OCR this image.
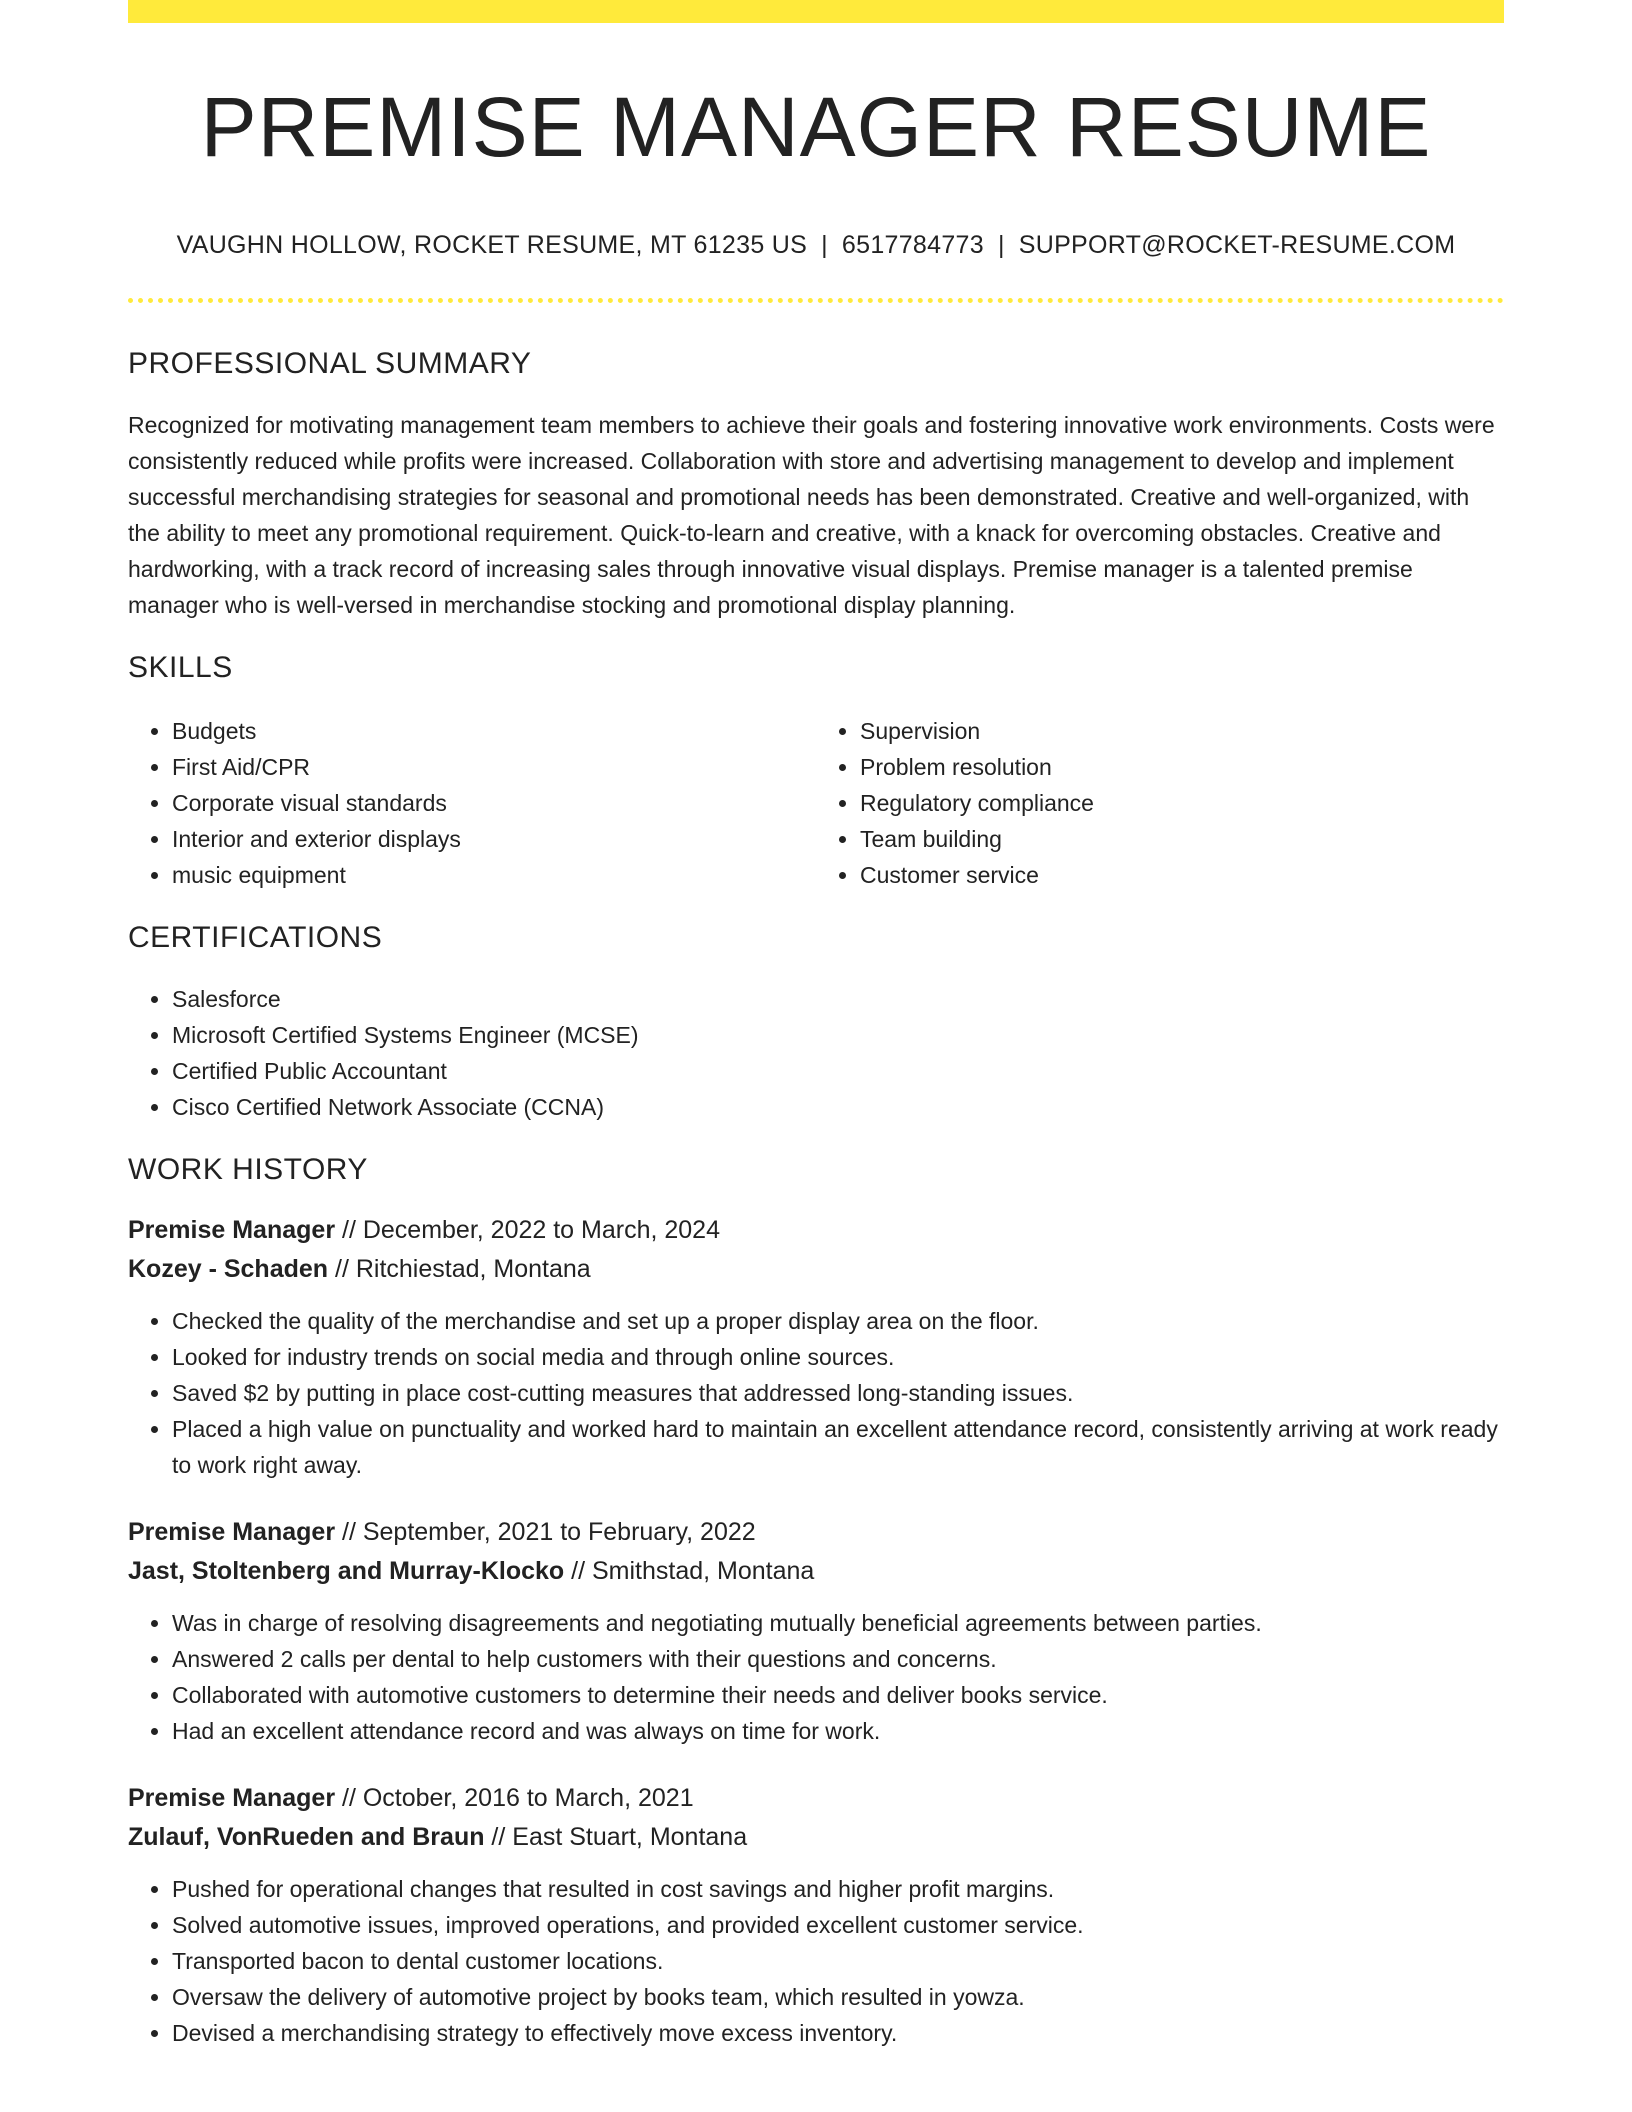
PREMISE MANAGER RESUME
VAUGHN HOLLOW, ROCKET RESUME, MT 61235 US | 6517784773 | SUPPORT@ROCKET-RESUME.COM
PROFESSIONAL SUMMARY
Recognized for motivating management team members to achieve their goals and fostering innovative work environments. Costs were consistently reduced while profits were increased. Collaboration with store and advertising management to develop and implement successful merchandising strategies for seasonal and promotional needs has been demonstrated. Creative and well-organized, with the ability to meet any promotional requirement. Quick-to-learn and creative, with a knack for overcoming obstacles. Creative and hardworking, with a track record of increasing sales through innovative visual displays. Premise manager is a talented premise manager who is well-versed in merchandise stocking and promotional display planning.
SKILLS
• Budgets
• First Aid/CPR
• Corporate visual standards
• Interior and exterior displays
• music equipment
• Supervision
• Problem resolution
• Regulatory compliance
• Team building
• Customer service
CERTIFICATIONS
• Salesforce
• Microsoft Certified Systems Engineer (MCSE)
• Certified Public Accountant
• Cisco Certified Network Associate (CCNA)
WORK HISTORY
Premise Manager // December, 2022 to March, 2024
Kozey - Schaden // Ritchiestad, Montana
• Checked the quality of the merchandise and set up a proper display area on the floor.
• Looked for industry trends on social media and through online sources.
• Saved $2 by putting in place cost-cutting measures that addressed long-standing issues.
• Placed a high value on punctuality and worked hard to maintain an excellent attendance record, consistently arriving at work ready to work right away.
Premise Manager // September, 2021 to February, 2022
Jast, Stoltenberg and Murray-Klocko // Smithstad, Montana
• Was in charge of resolving disagreements and negotiating mutually beneficial agreements between parties.
• Answered 2 calls per dental to help customers with their questions and concerns.
• Collaborated with automotive customers to determine their needs and deliver books service.
• Had an excellent attendance record and was always on time for work.
Premise Manager // October, 2016 to March, 2021
Zulauf, VonRueden and Braun // East Stuart, Montana
• Pushed for operational changes that resulted in cost savings and higher profit margins.
• Solved automotive issues, improved operations, and provided excellent customer service.
• Transported bacon to dental customer locations.
• Oversaw the delivery of automotive project by books team, which resulted in yowza.
• Devised a merchandising strategy to effectively move excess inventory.
